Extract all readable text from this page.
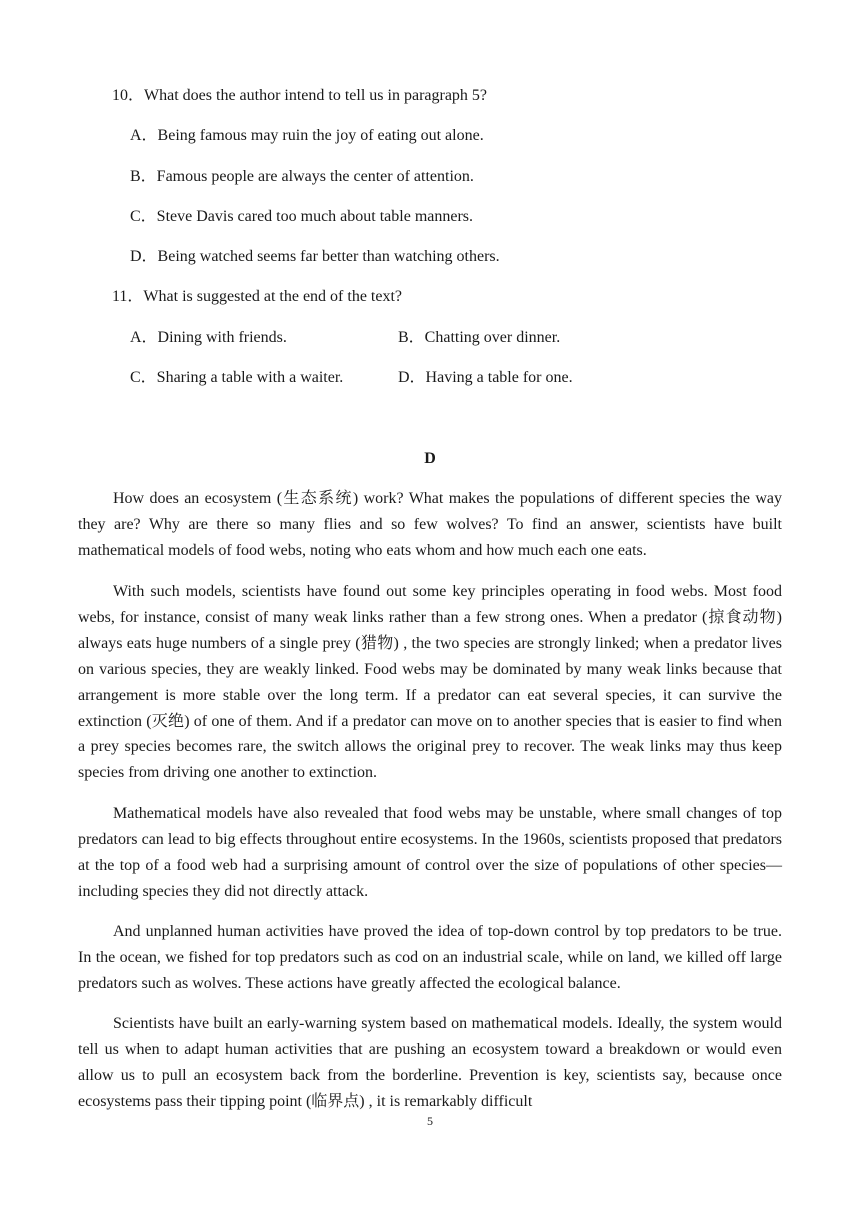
10．What does the author intend to tell us in paragraph 5?
A．Being famous may ruin the joy of eating out alone.
B．Famous people are always the center of attention.
C．Steve Davis cared too much about table manners.
D．Being watched seems far better than watching others.
11．What is suggested at the end of the text?
A．Dining with friends.	B．Chatting over dinner.
C．Sharing a table with a waiter.	D．Having a table for one.
D

How does an ecosystem (生态系统) work? What makes the populations of different species the way they are? Why are there so many flies and so few wolves? To find an answer, scientists have built mathematical models of food webs, noting who eats whom and how much each one eats.

With such models, scientists have found out some key principles operating in food webs. Most food webs, for instance, consist of many weak links rather than a few strong ones. When a predator (掠食动物) always eats huge numbers of a single prey (猎物) , the two species are strongly linked; when a predator lives on various species, they are weakly linked. Food webs may be dominated by many weak links because that arrangement is more stable over the long term. If a predator can eat several species, it can survive the extinction (灭绝) of one of them. And if a predator can move on to another species that is easier to find when a prey species becomes rare, the switch allows the original prey to recover. The weak links may thus keep species from driving one another to extinction.

Mathematical models have also revealed that food webs may be unstable, where small changes of top predators can lead to big effects throughout entire ecosystems. In the 1960s, scientists proposed that predators at the top of a food web had a surprising amount of control over the size of populations of other species—including species they did not directly attack.

And unplanned human activities have proved the idea of top-down control by top predators to be true. In the ocean, we fished for top predators such as cod on an industrial scale, while on land, we killed off large predators such as wolves. These actions have greatly affected the ecological balance.

Scientists have built an early-warning system based on mathematical models. Ideally, the system would tell us when to adapt human activities that are pushing an ecosystem toward a breakdown or would even allow us to pull an ecosystem back from the borderline. Prevention is key, scientists say, because once ecosystems pass their tipping point (临界点) , it is remarkably difficult

5
